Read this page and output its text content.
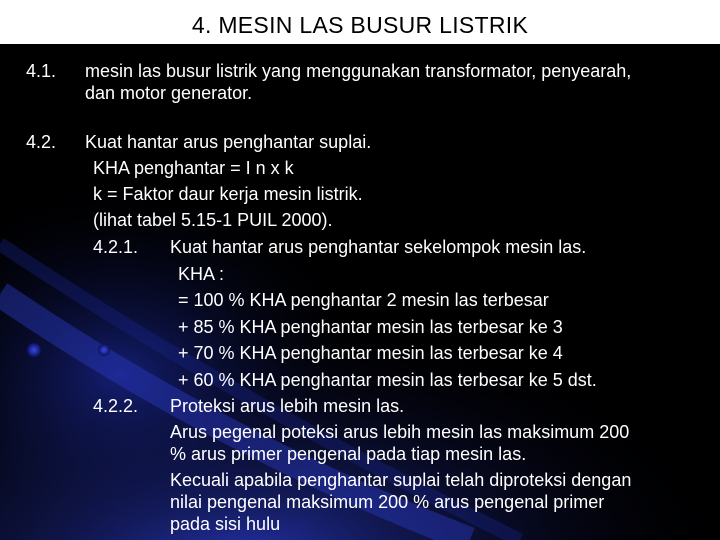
4. MESIN LAS BUSUR LISTRIK
4.1. mesin las busur listrik yang menggunakan transformator, penyearah,
dan motor generator.
4.2. Kuat hantar arus penghantar suplai.
KHA penghantar = I n x k
k = Faktor daur kerja mesin listrik.
(lihat tabel 5.15-1 PUIL 2000).
4.2.1. Kuat hantar arus penghantar sekelompok mesin las.
KHA :
= 100 % KHA penghantar 2 mesin las terbesar
+ 85 % KHA penghantar mesin las terbesar ke 3
+ 70 % KHA penghantar mesin las terbesar ke 4
+ 60 % KHA penghantar mesin las terbesar ke 5 dst.
4.2.2. Proteksi arus lebih mesin las.
Arus pegenal poteksi arus lebih mesin las maksimum 200
% arus primer pengenal pada tiap mesin las.
Kecuali apabila penghantar suplai telah diproteksi dengan
nilai pengenal maksimum 200 % arus pengenal primer
pada sisi hulu
